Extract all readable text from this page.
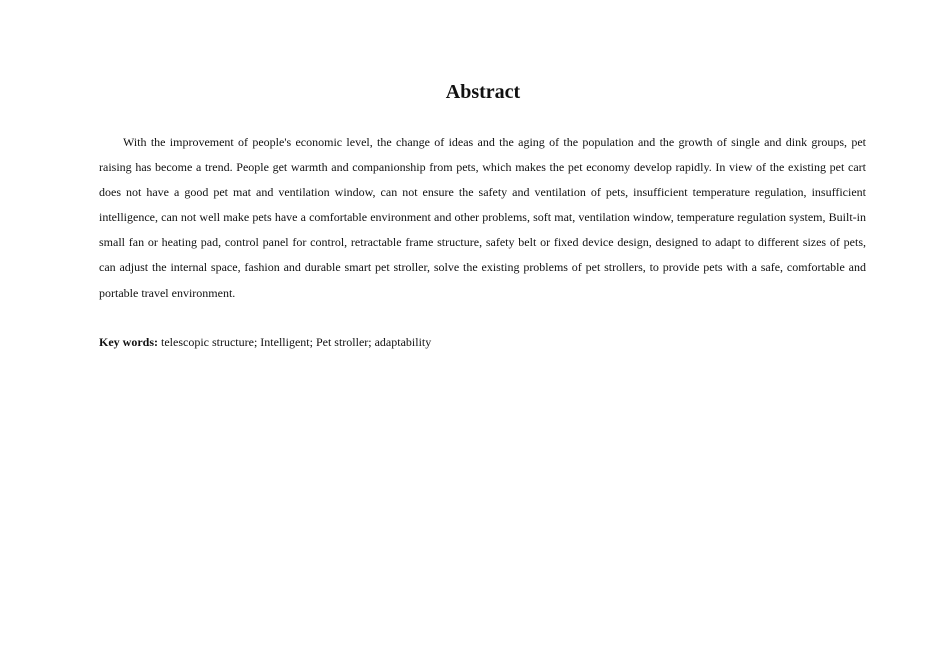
Abstract

With the improvement of people's economic level, the change of ideas and the aging of the population and the growth of single and dink groups, pet raising has become a trend. People get warmth and companionship from pets, which makes the pet economy develop rapidly. In view of the existing pet cart does not have a good pet mat and ventilation window, can not ensure the safety and ventilation of pets, insufficient temperature regulation, insufficient intelligence, can not well make pets have a comfortable environment and other problems, soft mat, ventilation window, temperature regulation system, Built-in small fan or heating pad, control panel for control, retractable frame structure, safety belt or fixed device design, designed to adapt to different sizes of pets, can adjust the internal space, fashion and durable smart pet stroller, solve the existing problems of pet strollers, to provide pets with a safe, comfortable and portable travel environment.

Key words: telescopic structure; Intelligent; Pet stroller; adaptability
